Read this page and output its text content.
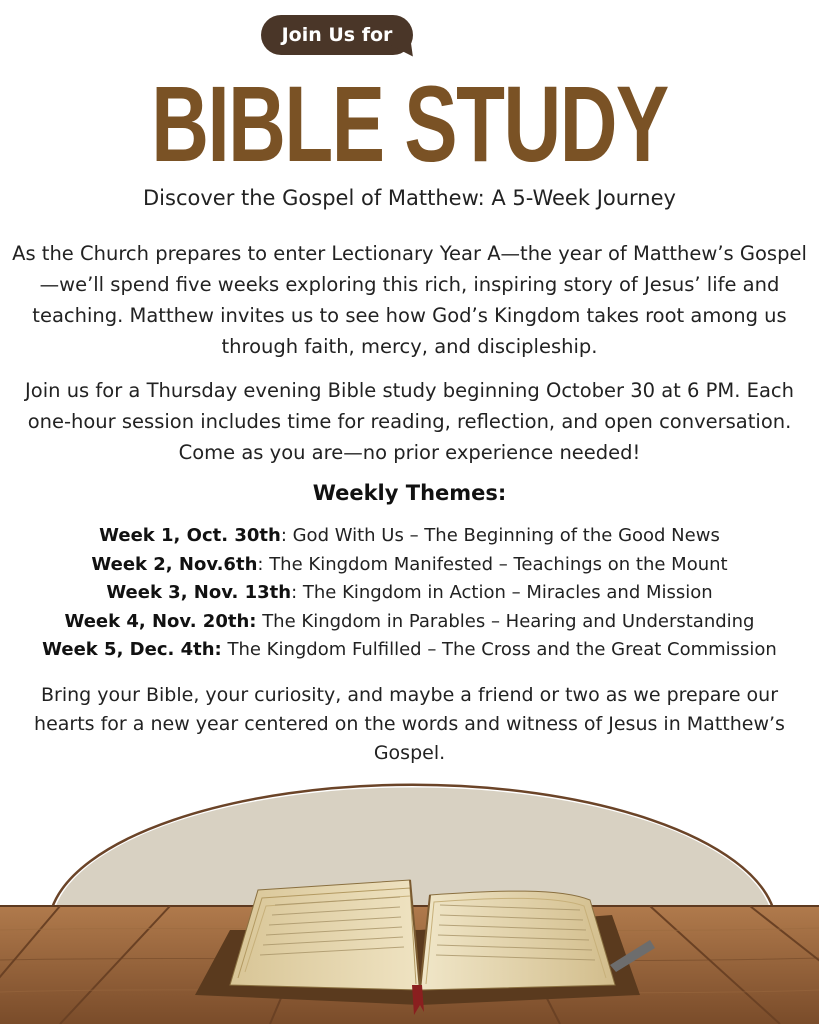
Join Us for
BIBLE STUDY
Discover the Gospel of Matthew: A 5-Week Journey
As the Church prepares to enter Lectionary Year A—the year of Matthew’s Gospel—we’ll spend five weeks exploring this rich, inspiring story of Jesus’ life and teaching. Matthew invites us to see how God’s Kingdom takes root among us through faith, mercy, and discipleship.
Join us for a Thursday evening Bible study beginning October 30 at 6 PM. Each one-hour session includes time for reading, reflection, and open conversation. Come as you are—no prior experience needed!
Weekly Themes:
Week 1, Oct. 30th: God With Us – The Beginning of the Good News
Week 2, Nov.6th: The Kingdom Manifested – Teachings on the Mount
Week 3, Nov. 13th: The Kingdom in Action – Miracles and Mission
Week 4, Nov. 20th: The Kingdom in Parables – Hearing and Understanding
Week 5, Dec. 4th: The Kingdom Fulfilled – The Cross and the Great Commission
Bring your Bible, your curiosity, and maybe a friend or two as we prepare our hearts for a new year centered on the words and witness of Jesus in Matthew’s Gospel.
